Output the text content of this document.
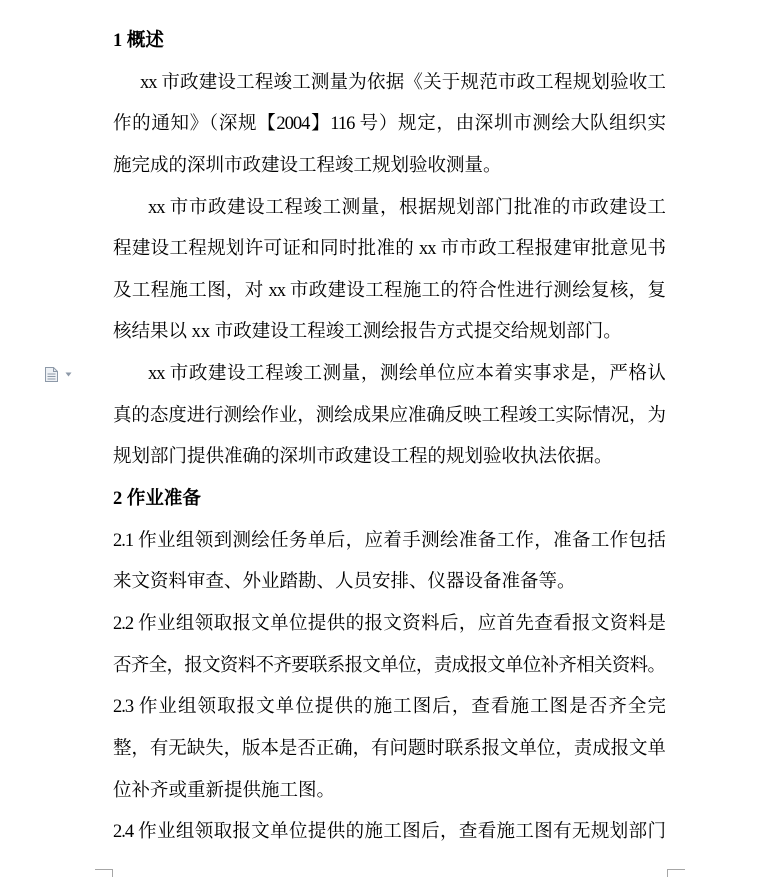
1 概述
xx 市政建设工程竣工测量为依据《关于规范市政工程规划验收工
作的通知》（深规【2004】116 号）规定，由深圳市测绘大队组织实
施完成的深圳市政建设工程竣工规划验收测量。
xx 市市政建设工程竣工测量，根据规划部门批准的市政建设工
程建设工程规划许可证和同时批准的 xx 市市政工程报建审批意见书
及工程施工图，对 xx 市政建设工程施工的符合性进行测绘复核，复
核结果以 xx 市政建设工程竣工测绘报告方式提交给规划部门。
xx 市政建设工程竣工测量，测绘单位应本着实事求是，严格认
真的态度进行测绘作业，测绘成果应准确反映工程竣工实际情况，为
规划部门提供准确的深圳市政建设工程的规划验收执法依据。
2 作业准备
2.1 作业组领到测绘任务单后，应着手测绘准备工作，准备工作包括
来文资料审查、外业踏勘、人员安排、仪器设备准备等。
2.2 作业组领取报文单位提供的报文资料后，应首先查看报文资料是
否齐全，报文资料不齐要联系报文单位，责成报文单位补齐相关资料。
2.3 作业组领取报文单位提供的施工图后，查看施工图是否齐全完
整，有无缺失，版本是否正确，有问题时联系报文单位，责成报文单
位补齐或重新提供施工图。
2.4 作业组领取报文单位提供的施工图后，查看施工图有无规划部门
